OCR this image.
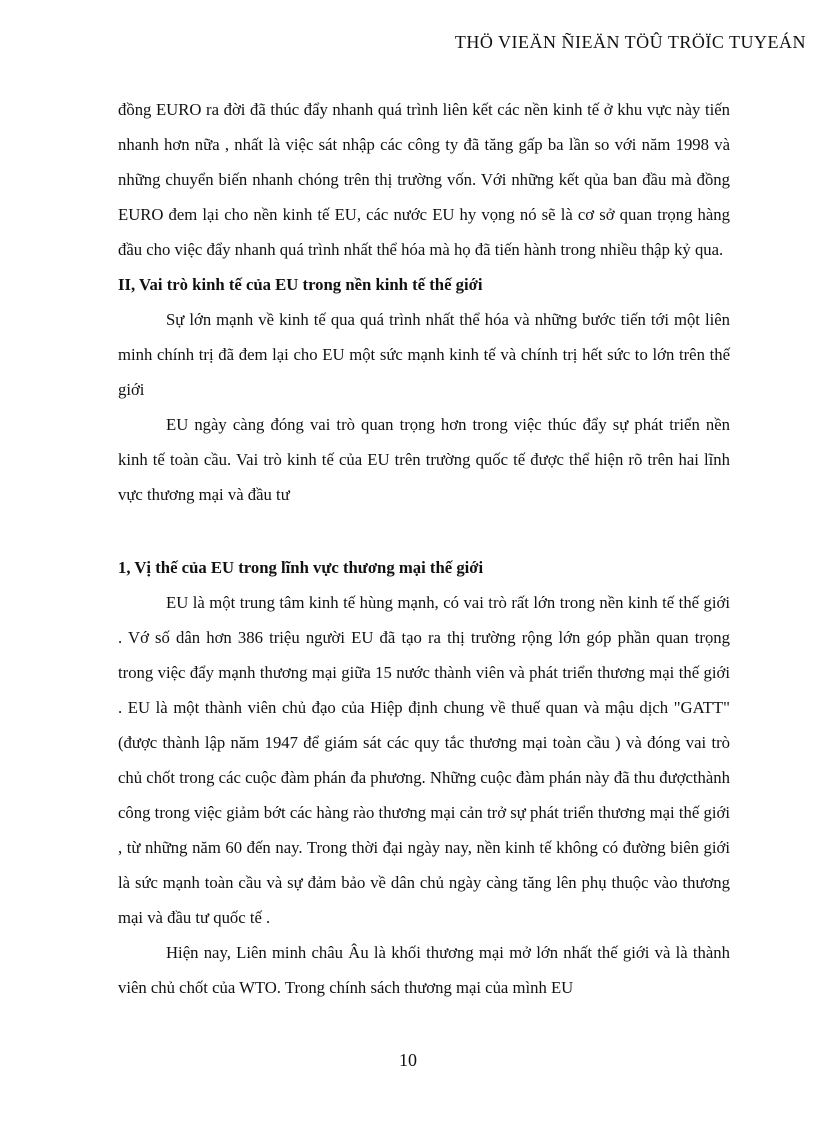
THÖ VIEÄN ÑIEÄN TÖÛ TRÖÏC TUYEÁN

đồng EURO ra đời đã thúc đẩy nhanh quá trình liên kết các nền kinh tế ở khu vực này tiến nhanh hơn nữa , nhất là việc sát nhập các công ty đã tăng gấp ba lần so với năm 1998 và những chuyển biến nhanh chóng trên thị trường vốn. Với những kết qủa ban đầu mà đồng EURO đem lại cho nền kinh tế EU, các nước EU hy vọng nó sẽ là cơ sở quan trọng hàng đầu cho việc đẩy nhanh quá trình nhất thể hóa mà họ đã tiến hành trong nhiều thập kỷ qua.

II, Vai trò kinh tế của EU trong nền kinh tế thế giới

Sự lớn mạnh về kinh tế qua quá trình nhất thể hóa và những bước tiến tới một liên minh chính trị đã đem lại cho EU một sức mạnh kinh tế và chính trị hết sức to lớn trên thế giới

EU ngày càng đóng vai trò quan trọng hơn trong việc thúc đẩy sự phát triển nền kinh tế toàn cầu. Vai trò kinh tế của EU trên trường quốc tế được thể hiện rõ trên hai lĩnh vực thương mại và đầu tư

1, Vị thế của EU trong lĩnh vực thương mại thế giới

EU là một trung tâm kinh tế hùng mạnh, có vai trò rất lớn trong nền kinh tế thế giới . Vớ số dân hơn 386 triệu người EU đã tạo ra thị trường rộng lớn góp phần quan trọng trong việc đẩy mạnh thương mại giữa 15 nước thành viên và phát triển thương mại thế giới . EU là một thành viên chủ đạo của Hiệp định chung về thuế quan và mậu dịch "GATT" (được thành lập năm 1947 để giám sát các quy tắc thương mại toàn cầu ) và đóng vai trò chủ chốt trong các cuộc đàm phán đa phương. Những cuộc đàm phán này đã thu đượcthành công trong việc giảm bớt các hàng rào thương mại cản trở sự phát triển thương mại thế giới , từ những năm 60 đến nay. Trong thời đại ngày nay, nền kinh tế không có đường biên giới là sức mạnh toàn cầu và sự đảm bảo về dân chủ ngày càng tăng lên phụ thuộc vào thương mại và đầu tư quốc tế .

Hiện nay, Liên minh châu Âu là khối thương mại mở lớn nhất thế giới và là thành viên chủ chốt của WTO. Trong chính sách thương mại của mình EU

10
